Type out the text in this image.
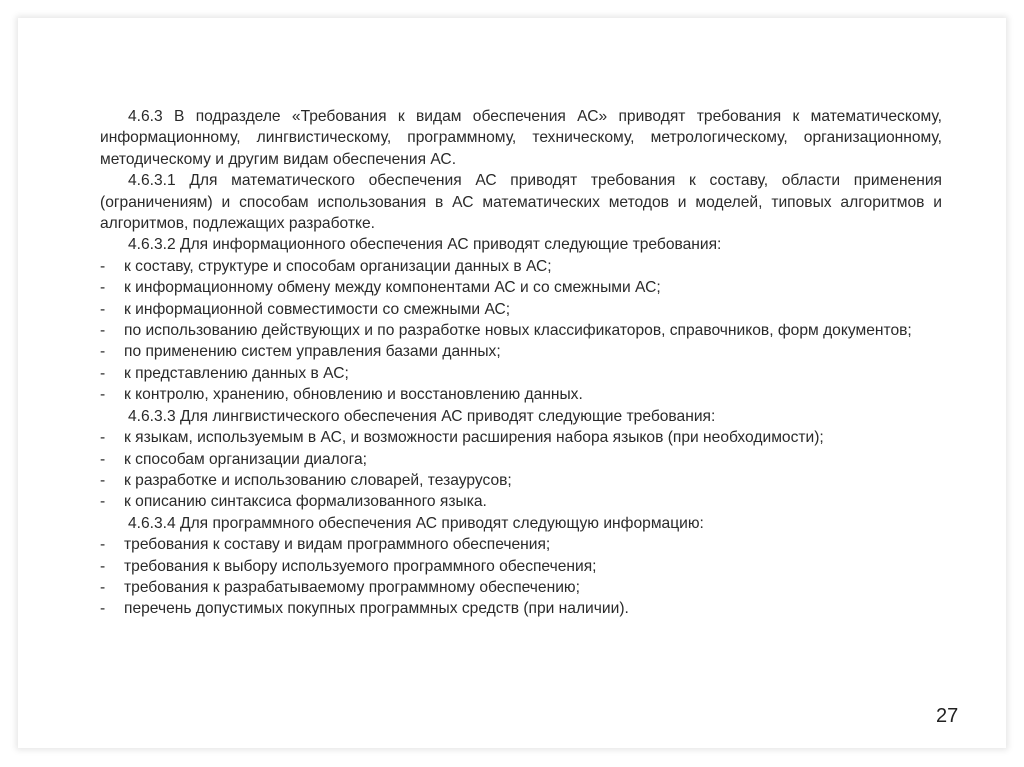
4.6.3 В подразделе «Требования к видам обеспечения АС» приводят требования к математическому, информационному, лингвистическому, программному, техническому, метрологическому, организационному, методическому и другим видам обеспечения АС.

4.6.3.1 Для математического обеспечения АС приводят требования к составу, области применения (ограничениям) и способам использования в АС математических методов и моделей, типовых алгоритмов и алгоритмов, подлежащих разработке.

4.6.3.2 Для информационного обеспечения АС приводят следующие требования:

- к составу, структуре и способам организации данных в АС;

- к информационному обмену между компонентами АС и со смежными АС;

- к информационной совместимости со смежными АС;

- по использованию действующих и по разработке новых классификаторов, справочников, форм документов;

- по применению систем управления базами данных;

- к представлению данных в АС;

- к контролю, хранению, обновлению и восстановлению данных.

4.6.3.3 Для лингвистического обеспечения АС приводят следующие требования:

- к языкам, используемым в АС, и возможности расширения набора языков (при необходимости);

- к способам организации диалога;

- к разработке и использованию словарей, тезаурусов;

- к описанию синтаксиса формализованного языка.

4.6.3.4 Для программного обеспечения АС приводят следующую информацию:

- требования к составу и видам программного обеспечения;

- требования к выбору используемого программного обеспечения;

- требования к разрабатываемому программному обеспечению;

- перечень допустимых покупных программных средств (при наличии).

27
